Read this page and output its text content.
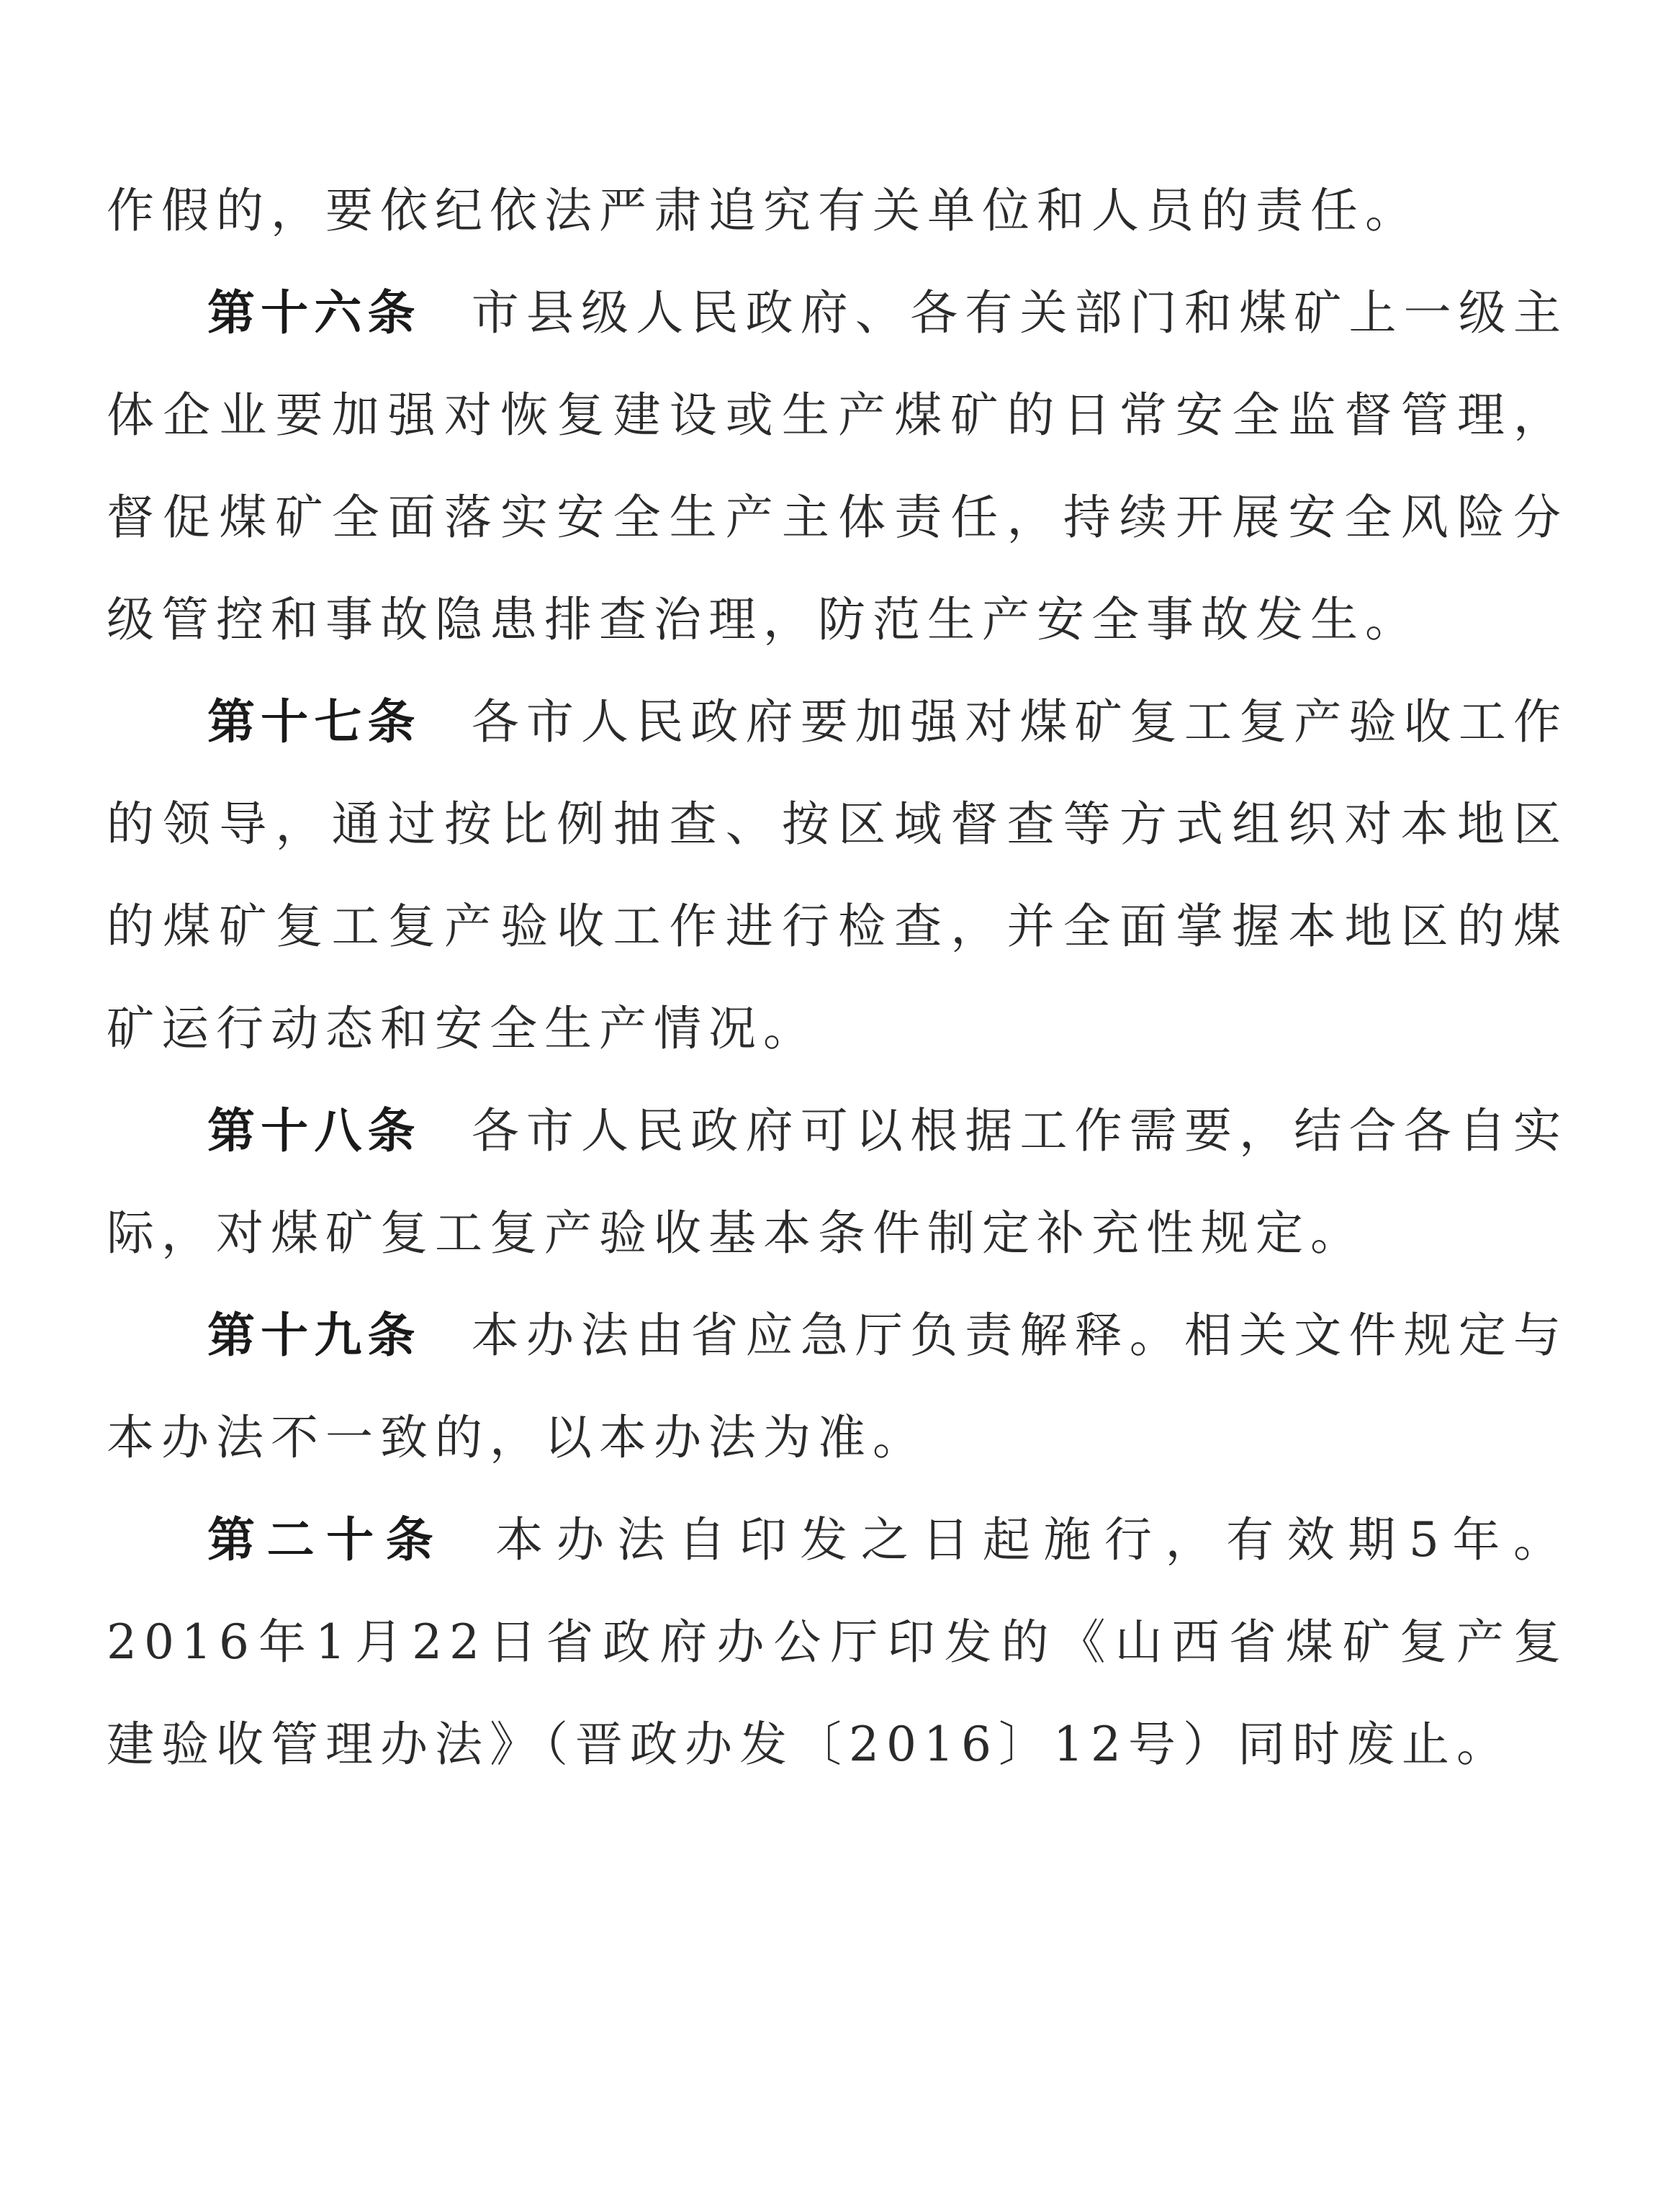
作假的，要依纪依法严肃追究有关单位和人员的责任。

第十六条 市县级人民政府、各有关部门和煤矿上一级主体企业要加强对恢复建设或生产煤矿的日常安全监督管理，督促煤矿全面落实安全生产主体责任，持续开展安全风险分级管控和事故隐患排查治理，防范生产安全事故发生。

第十七条 各市人民政府要加强对煤矿复工复产验收工作的领导，通过按比例抽查、按区域督查等方式组织对本地区的煤矿复工复产验收工作进行检查，并全面掌握本地区的煤矿运行动态和安全生产情况。

第十八条 各市人民政府可以根据工作需要，结合各自实际，对煤矿复工复产验收基本条件制定补充性规定。

第十九条 本办法由省应急厅负责解释。相关文件规定与本办法不一致的，以本办法为准。

第二十条 本办法自印发之日起施行，有效期5年。2016年1月22日省政府办公厅印发的《山西省煤矿复产复建验收管理办法》（晋政办发〔2016〕12号）同时废止。
